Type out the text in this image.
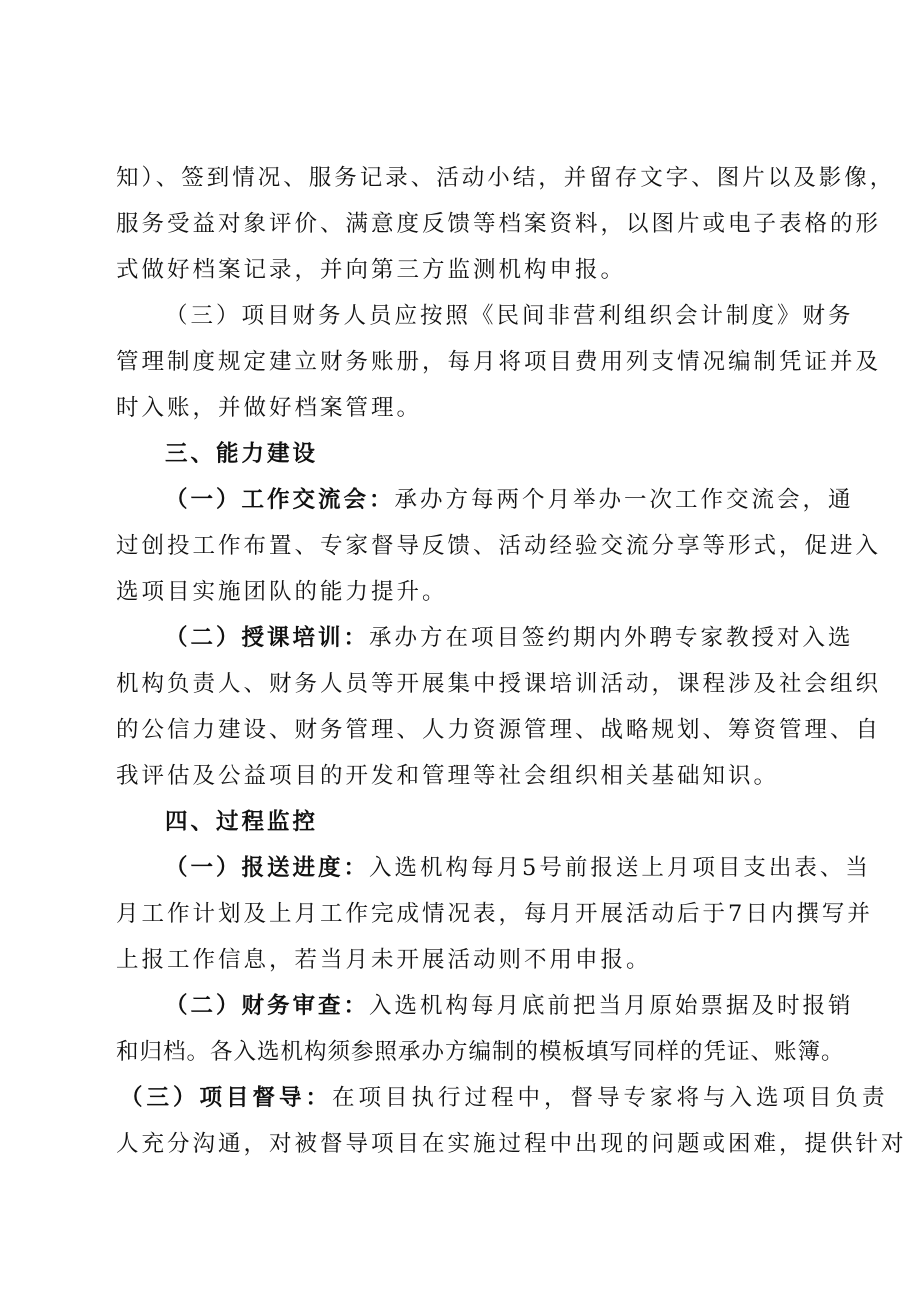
知）、签到情况、服务记录、活动小结，并留存文字、图片以及影像，
服务受益对象评价、满意度反馈等档案资料，以图片或电子表格的形
式做好档案记录，并向第三方监测机构申报。
（三）项目财务人员应按照《民间非营利组织会计制度》财务
管理制度规定建立财务账册，每月将项目费用列支情况编制凭证并及
时入账，并做好档案管理。
三、能力建设
（一）工作交流会：承办方每两个月举办一次工作交流会，通
过创投工作布置、专家督导反馈、活动经验交流分享等形式，促进入
选项目实施团队的能力提升。
（二）授课培训：承办方在项目签约期内外聘专家教授对入选
机构负责人、财务人员等开展集中授课培训活动，课程涉及社会组织
的公信力建设、财务管理、人力资源管理、战略规划、筹资管理、自
我评估及公益项目的开发和管理等社会组织相关基础知识。
四、过程监控
（一）报送进度：入选机构每月5号前报送上月项目支出表、当
月工作计划及上月工作完成情况表，每月开展活动后于7日内撰写并
上报工作信息，若当月未开展活动则不用申报。
（二）财务审查：入选机构每月底前把当月原始票据及时报销
和归档。各入选机构须参照承办方编制的模板填写同样的凭证、账簿。
（三）项目督导：在项目执行过程中，督导专家将与入选项目负责
人充分沟通，对被督导项目在实施过程中出现的问题或困难，提供针对
